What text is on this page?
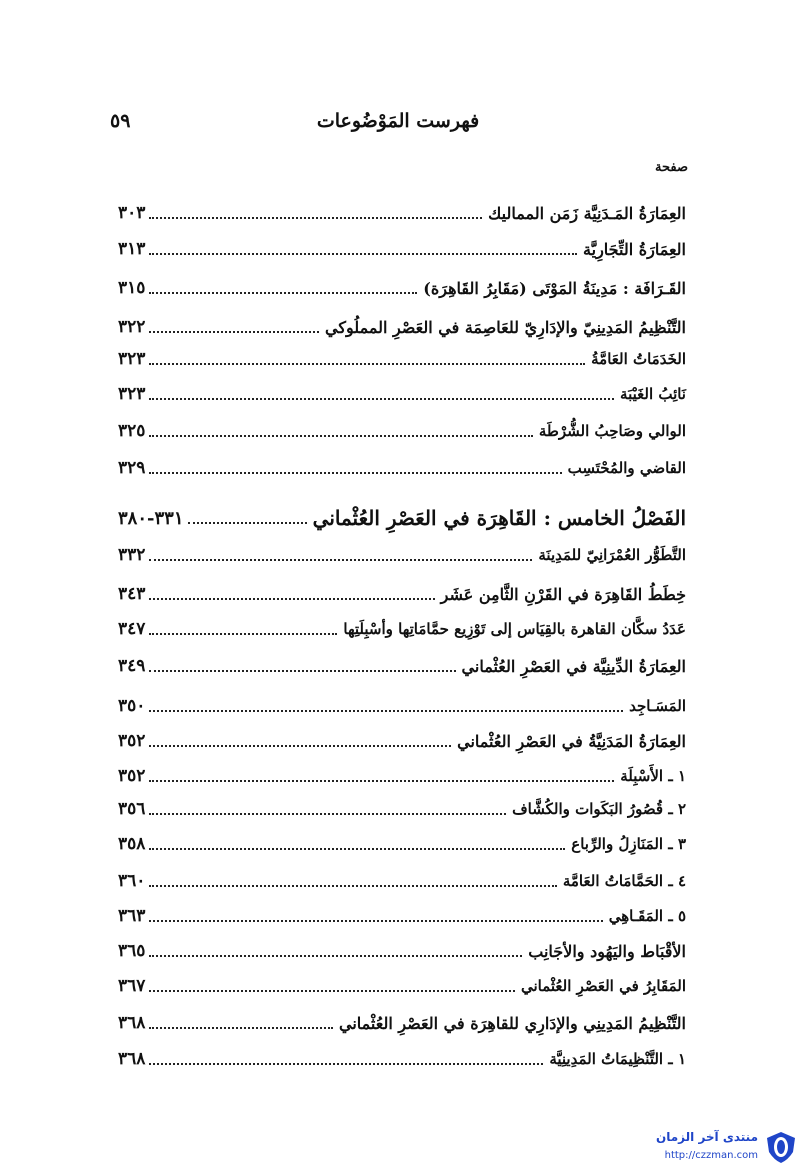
٥٩	فهرست المَوْضُوعات
صفحة
العِمَارَةُ المَـدَنِيَّة زَمَن المماليك
٣٠٣
العِمَارَةُ التِّجَارِيَّة
٣١٣
القَـرَافَة : مَدِينَةُ المَوْتَى (مَقَابِرُ القَاهِرَة)
٣١٥
التَّنْظِيمُ المَدِينِيّ والإدَارِيّ للعَاصِمَة في العَصْرِ المملُوكي
٣٢٢
الخَدَمَاتُ العَامَّةُ
٣٢٣
نَائِبُ الغَيْبَة
٣٢٣
الوالي وصَاحِبُ الشُّرْطَة
٣٢٥
القاضي والمُحْتَسِب
٣٢٩
الفَصْلُ الخامس : القَاهِرَة في العَصْرِ العُثْماني
٣٣١-٣٨٠
التَّطَوُّر العُمْرَانِيّ للمَدِينَة
٣٣٢
خِطَطُ القَاهِرَة في القَرْنِ الثَّامِن عَشَر
٣٤٣
عَدَدُ سكَّان القاهرة بالقِيَاس إلى تَوْزِيع حمَّامَاتِها وأسْبِلَتِها
٣٤٧
العِمَارَةُ الدِّينِيَّة في العَصْرِ العُثْماني
٣٤٩
المَسَـاجِد
٣٥٠
العِمَارَةُ المَدَنِيَّةُ في العَصْرِ العُثْماني
٣٥٢
١ ـ الأَسْبِلَة
٣٥٢
٢ ـ قُصُورُ البَكَوات والكُشَّاف
٣٥٦
٣ ـ المَنَازِلُ والرِّباع
٣٥٨
٤ ـ الحَمَّامَاتُ العَامَّة
٣٦٠
٥ ـ المَقَـاهِي
٣٦٣
الأقْبَاط واليَهُود والأجَانِب
٣٦٥
المَقَابِرُ في العَصْرِ العُثْماني
٣٦٧
التَّنْظِيمُ المَدِينِي والإدَارِي للقاهِرَة في العَصْرِ العُثْماني
٣٦٨
١ ـ التَّنْظِيمَاتُ المَدِينِيَّة
٣٦٨
منتدى آخر الزمان
http://czzman.com
